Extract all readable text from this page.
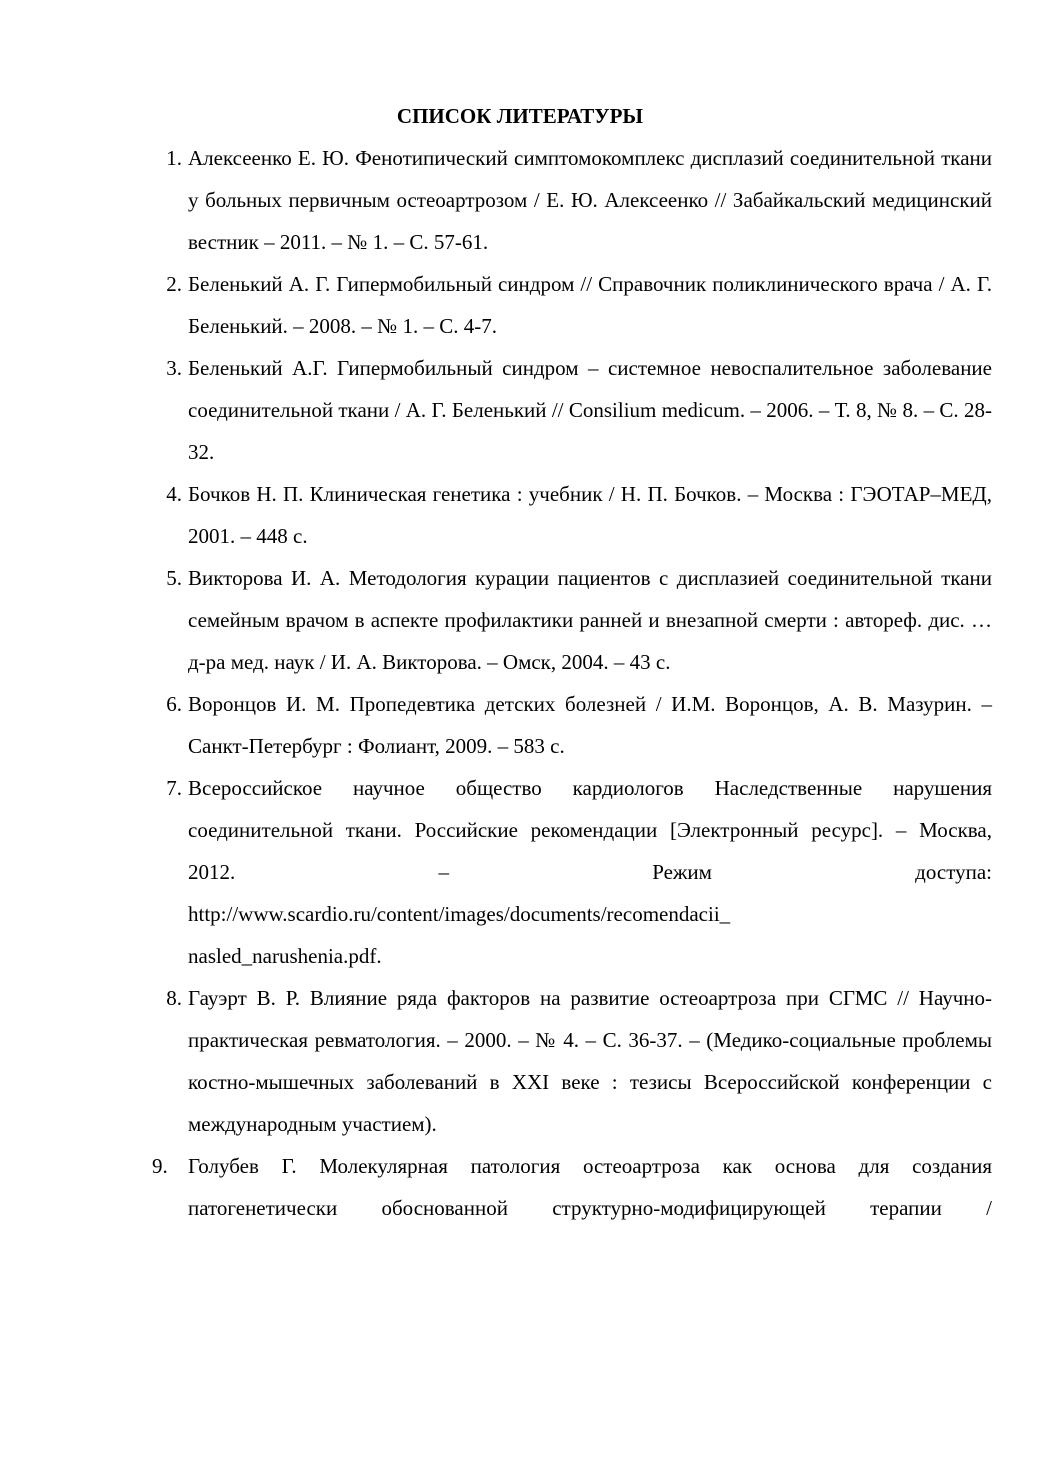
СПИСОК ЛИТЕРАТУРЫ
1. Алексеенко Е. Ю. Фенотипический симптомокомплекс дисплазий соединительной ткани у больных первичным остеоартрозом / Е. Ю. Алексеенко // Забайкальский медицинский вестник – 2011. – № 1. – С. 57-61.
2. Беленький А. Г. Гипермобильный синдром // Справочник поликлинического врача / А. Г. Беленький. – 2008. – № 1. – С. 4-7.
3. Беленький А.Г. Гипермобильный синдром – системное невоспалительное заболевание соединительной ткани / А. Г. Беленький // Consilium medicum. – 2006. – Т. 8, № 8. – С. 28-32.
4. Бочков Н. П. Клиническая генетика : учебник / Н. П. Бочков. – Москва : ГЭОТАР–МЕД, 2001. – 448 с.
5. Викторова И. А. Методология курации пациентов с дисплазией соединительной ткани семейным врачом в аспекте профилактики ранней и внезапной смерти : автореф. дис. … д-ра мед. наук / И. А. Викторова. – Омск, 2004. – 43 с.
6. Воронцов И. М. Пропедевтика детских болезней / И.М. Воронцов, А. В. Мазурин. – Санкт-Петербург : Фолиант, 2009. – 583 с.
7. Всероссийское научное общество кардиологов Наследственные нарушения соединительной ткани. Российские рекомендации [Электронный ресурс]. – Москва, 2012. – Режим доступа:
http://www.scardio.ru/content/images/documents/recomendacii_
nasled_narushenia.pdf.
8. Гауэрт В. Р. Влияние ряда факторов на развитие остеоартроза при СГМС // Научно-практическая ревматология. – 2000. – № 4. – С. 36-37. – (Медико-социальные проблемы костно-мышечных заболеваний в XXI веке : тезисы Всероссийской конференции с международным участием).
9. Голубев Г. Молекулярная патология остеоартроза как основа для создания патогенетически обоснованной структурно-модифицирующей терапии /
